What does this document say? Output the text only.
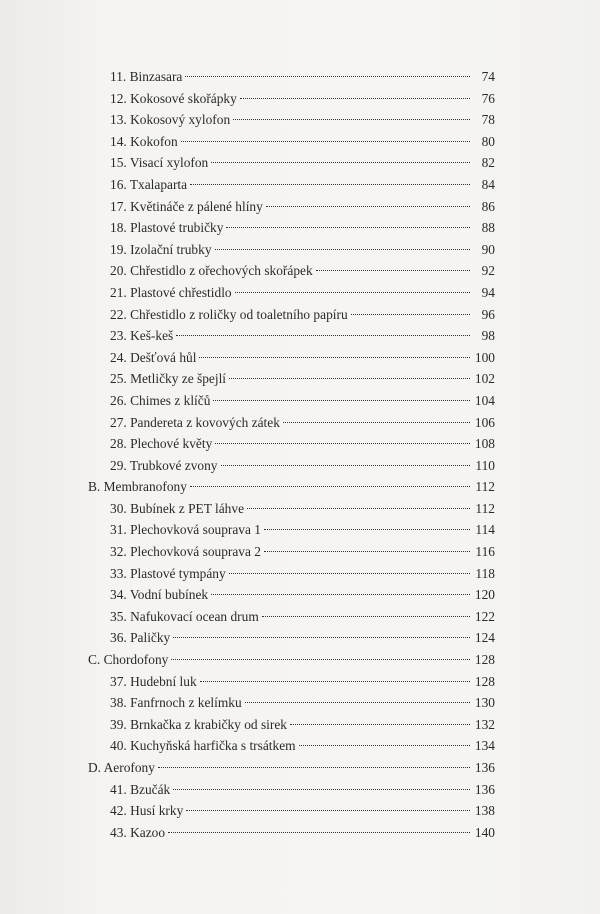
11. Binzasara	74
12. Kokosové skořápky	76
13. Kokosový xylofon	78
14. Kokofon	80
15. Visací xylofon	82
16. Txalaparta	84
17. Květináče z pálené hlíny	86
18. Plastové trubičky	88
19. Izolační trubky	90
20. Chřestidlo z ořechových skořápek	92
21. Plastové chřestidlo	94
22. Chřestidlo z roličky od toaletního papíru	96
23. Keš-keš	98
24. Dešťová hůl	100
25. Metličky ze špejlí	102
26. Chimes z klíčů	104
27. Pandereta z kovových zátek	106
28. Plechové květy	108
29. Trubkové zvony	110
B. Membranofony	112
30. Bubínek z PET láhve	112
31. Plechovková souprava 1	114
32. Plechovková souprava 2	116
33. Plastové tympány	118
34. Vodní bubínek	120
35. Nafukovací ocean drum	122
36. Paličky	124
C. Chordofony	128
37. Hudební luk	128
38. Fanfrnoch z kelímku	130
39. Brnkačka z krabičky od sirek	132
40. Kuchyňská harfička s trsátkem	134
D. Aerofony	136
41. Bzučák	136
42. Husí krky	138
43. Kazoo	140
